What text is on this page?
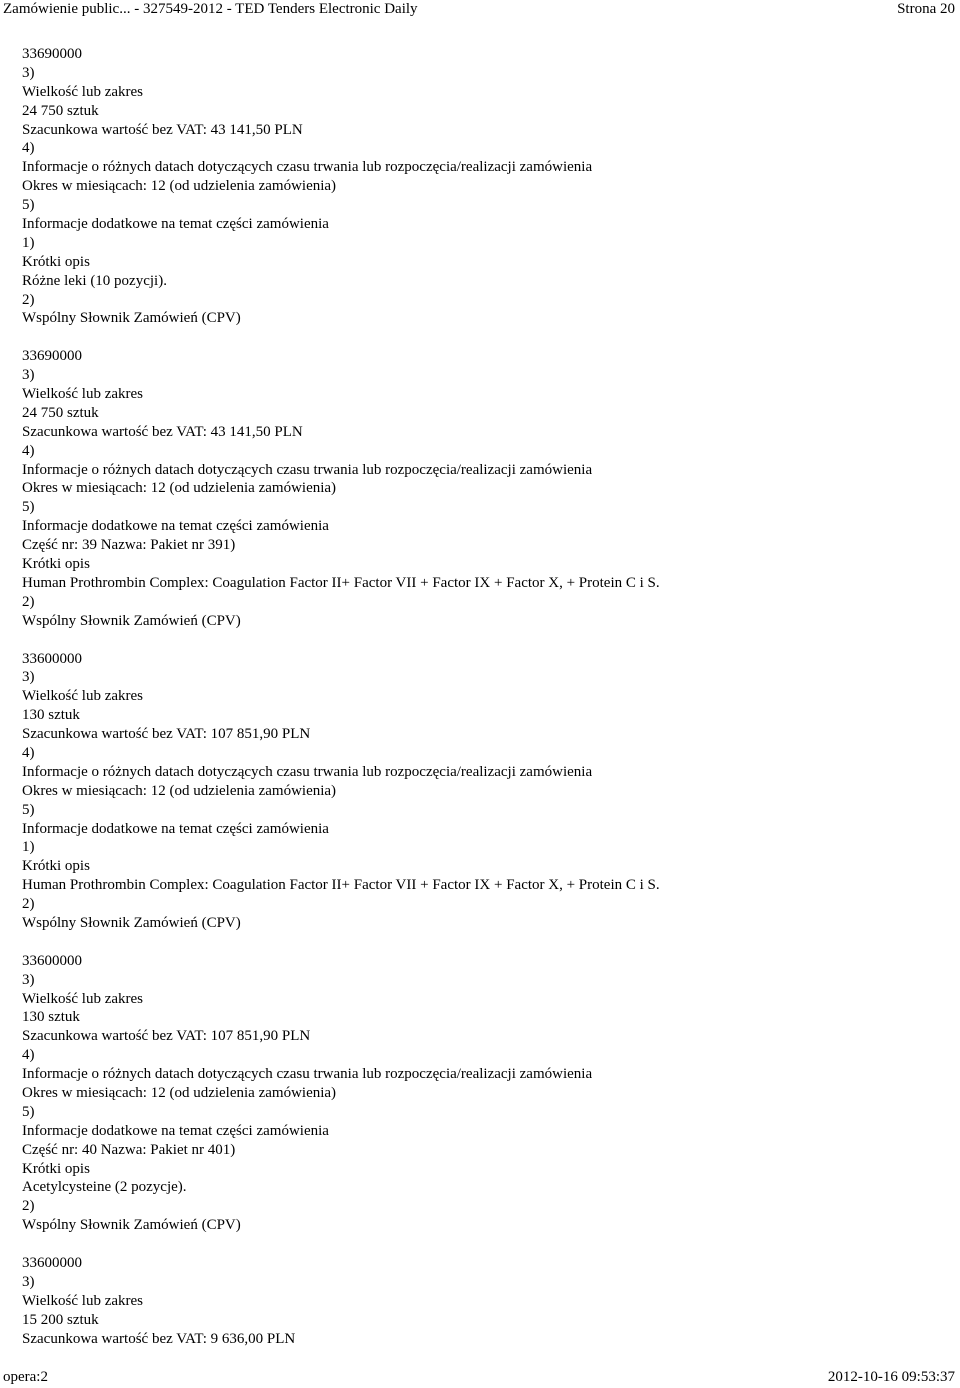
Zamówienie public... - 327549-2012 - TED Tenders Electronic Daily	Strona 20
33690000
3)
Wielkość lub zakres
24 750 sztuk
Szacunkowa wartość bez VAT: 43 141,50 PLN
4)
Informacje o różnych datach dotyczących czasu trwania lub rozpoczęcia/realizacji zamówienia
Okres w miesiącach: 12 (od udzielenia zamówienia)
5)
Informacje dodatkowe na temat części zamówienia
1)
Krótki opis
Różne leki (10 pozycji).
2)
Wspólny Słownik Zamówień (CPV)
33690000
3)
Wielkość lub zakres
24 750 sztuk
Szacunkowa wartość bez VAT: 43 141,50 PLN
4)
Informacje o różnych datach dotyczących czasu trwania lub rozpoczęcia/realizacji zamówienia
Okres w miesiącach: 12 (od udzielenia zamówienia)
5)
Informacje dodatkowe na temat części zamówienia
Część nr: 39 Nazwa: Pakiet nr 391)
Krótki opis
Human Prothrombin Complex: Coagulation Factor II+ Factor VII + Factor IX + Factor X, + Protein C i S.
2)
Wspólny Słownik Zamówień (CPV)
33600000
3)
Wielkość lub zakres
130 sztuk
Szacunkowa wartość bez VAT: 107 851,90 PLN
4)
Informacje o różnych datach dotyczących czasu trwania lub rozpoczęcia/realizacji zamówienia
Okres w miesiącach: 12 (od udzielenia zamówienia)
5)
Informacje dodatkowe na temat części zamówienia
1)
Krótki opis
Human Prothrombin Complex: Coagulation Factor II+ Factor VII + Factor IX + Factor X, + Protein C i S.
2)
Wspólny Słownik Zamówień (CPV)
33600000
3)
Wielkość lub zakres
130 sztuk
Szacunkowa wartość bez VAT: 107 851,90 PLN
4)
Informacje o różnych datach dotyczących czasu trwania lub rozpoczęcia/realizacji zamówienia
Okres w miesiącach: 12 (od udzielenia zamówienia)
5)
Informacje dodatkowe na temat części zamówienia
Część nr: 40 Nazwa: Pakiet nr 401)
Krótki opis
Acetylcysteine (2 pozycje).
2)
Wspólny Słownik Zamówień (CPV)
33600000
3)
Wielkość lub zakres
15 200 sztuk
Szacunkowa wartość bez VAT: 9 636,00 PLN
opera:2	2012-10-16 09:53:37
